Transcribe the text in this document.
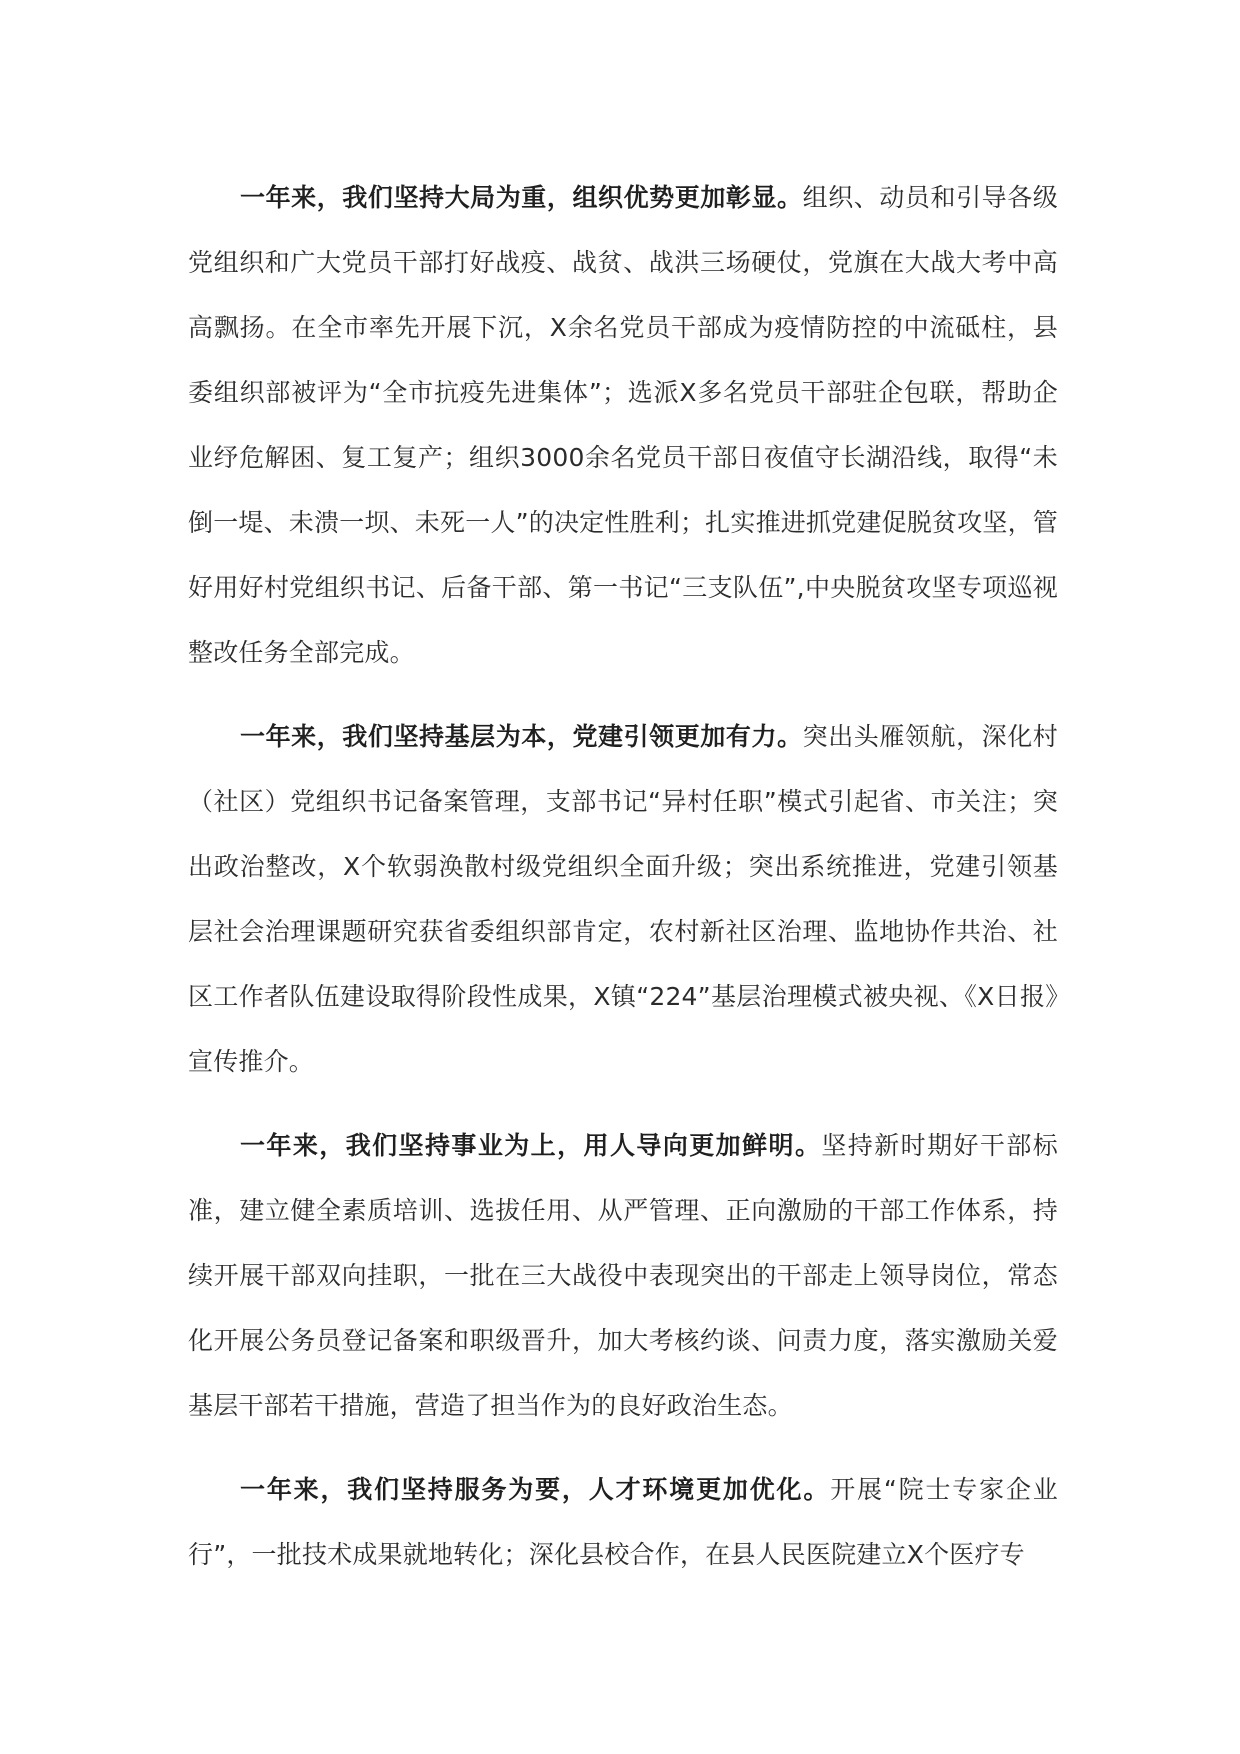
一年来，我们坚持大局为重，组织优势更加彰显。组织、动员和引导各级党组织和广大党员干部打好战疫、战贫、战洪三场硬仗，党旗在大战大考中高高飘扬。在全市率先开展下沉，X余名党员干部成为疫情防控的中流砥柱，县委组织部被评为“全市抗疫先进集体”；选派X多名党员干部驻企包联，帮助企业纾危解困、复工复产；组织3000余名党员干部日夜值守长湖沿线，取得“未倒一堤、未溃一坝、未死一人”的决定性胜利；扎实推进抓党建促脱贫攻坚，管好用好村党组织书记、后备干部、第一书记“三支队伍”,中央脱贫攻坚专项巡视整改任务全部完成。

一年来，我们坚持基层为本，党建引领更加有力。突出头雁领航，深化村（社区）党组织书记备案管理，支部书记“异村任职”模式引起省、市关注；突出政治整改，X个软弱涣散村级党组织全面升级；突出系统推进，党建引领基层社会治理课题研究获省委组织部肯定，农村新社区治理、监地协作共治、社区工作者队伍建设取得阶段性成果，X镇“224”基层治理模式被央视、《X日报》宣传推介。

一年来，我们坚持事业为上，用人导向更加鲜明。坚持新时期好干部标准，建立健全素质培训、选拔任用、从严管理、正向激励的干部工作体系，持续开展干部双向挂职，一批在三大战役中表现突出的干部走上领导岗位，常态化开展公务员登记备案和职级晋升，加大考核约谈、问责力度，落实激励关爱基层干部若干措施，营造了担当作为的良好政治生态。

一年来，我们坚持服务为要，人才环境更加优化。开展“院士专家企业行”，一批技术成果就地转化；深化县校合作，在县人民医院建立X个医疗专
